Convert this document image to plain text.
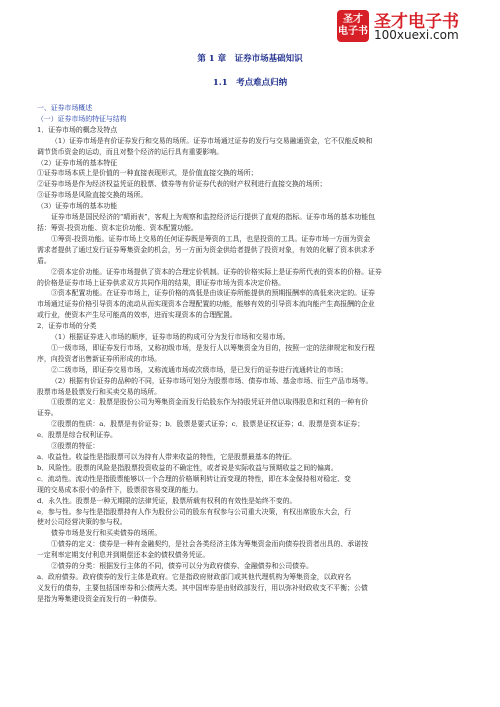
圣才
电子书 圣才电子书
100xuexi.com
第 1 章　证券市场基础知识
1.1　考点难点归纳

一、证券市场概述

（一）证券市场的特征与结构

1．证券市场的概念及特点

（1）证券市场是有价证券发行和交易的场所。证券市场通过证券的发行与交易融通资金，它不仅能反映和

调节货币资金的运动，而且对整个经济的运行具有重要影响。

（2）证券市场的基本特征

①证券市场本质上是价值的一种直接表现形式，是价值直接交换的场所；

②证券市场是作为经济权益凭证的股票、债券等有价证券代表的财产权利进行直接交换的场所；

③证券市场是风险直接交换的场所。

（3）证券市场的基本功能

证券市场是国民经济的“晴雨表”，客观上为观察和监控经济运行提供了直观的指标。证券市场的基本功能包

括：筹资-投资功能、资本定价功能、资本配置功能。

①筹资-投资功能。证券市场上交易的任何证券既是筹资的工具，也是投资的工具。证券市场一方面为资金

需求者提供了通过发行证券筹集资金的机会，另一方面为资金供给者提供了投资对象，有效的化解了资本供求矛

盾。

②资本定价功能。证券市场提供了资本的合理定价机制。证券的价格实际上是证券所代表的资本的价格。证券

的价格是证券市场上证券供求双方共同作用的结果，即证券市场为资本决定价格。

③资本配置功能。在证券市场上，证券价格的高低是由该证券所能提供的预期报酬率的高低来决定的。证券

市场通过证券价格引导资本的流动从而实现资本合理配置的功能，能够有效的引导资本流向能产生高报酬的企业

或行业，使资本产生尽可能高的效率，进而实现资本的合理配置。

2．证券市场的分类

（1）根据证券进入市场的顺序，证券市场的构成可分为发行市场和交易市场。

①一级市场，即证券发行市场，又称初级市场，是发行人以筹集资金为目的，按照一定的法律规定和发行程

序，向投资者出售新证券所形成的市场。

②二级市场，即证券交易市场，又称流通市场或次级市场，是已发行的证券进行流通转让的市场；

（2）根据有价证券的品种的不同，证券市场可划分为股票市场、债券市场、基金市场、衍生产品市场等。

股票市场是股票发行和买卖交易的场所。

①股票的定义：股票是股份公司为筹集资金而发行给股东作为持股凭证并借以取得股息和红利的一种有价

证券。

②股票的性质：a．股票是有价证券；b．股票是要式证券；c．股票是证权证券；d．股票是资本证券；

e．股票是综合权利证券。

③股票的特征：

a．收益性。收益性是指股票可以为持有人带来收益的特性，它是股票最基本的特征。

b．风险性。股票的风险是指股票投资收益的不确定性，或者说是实际收益与预期收益之间的偏离。

c．流动性。流动性是指股票能够以一个合理的价格顺利转让而变现的特性，即在本金保持相对稳定、变

现的交易成本很小的条件下，股票很容易变现的能力。

d．永久性。股票是一种无期限的法律凭证，股票所载有权利的有效性是始终不变的。

e．参与性。参与性是指股票持有人作为股份公司的股东有权参与公司重大决策，有权出席股东大会，行

使对公司经营决策的参与权。

债券市场是发行和买卖债券的场所。

①债券的定义：债券是一种有金融契约，是社会各类经济主体为筹集资金而向债券投资者出具的、承诺按

一定利率定期支付利息并到期偿还本金的债权债务凭证。

②债券的分类：根据发行主体的不同，债券可以分为政府债券、金融债券和公司债券。

a．政府债券。政府债券的发行主体是政府。它是指政府财政部门或其他代理机构为筹集资金，以政府名

义发行的债券，主要包括国库券和公债两大类。其中国库券是由财政部发行，用以弥补财政收支不平衡；公债

是指为筹集建设资金而发行的一种债券。
